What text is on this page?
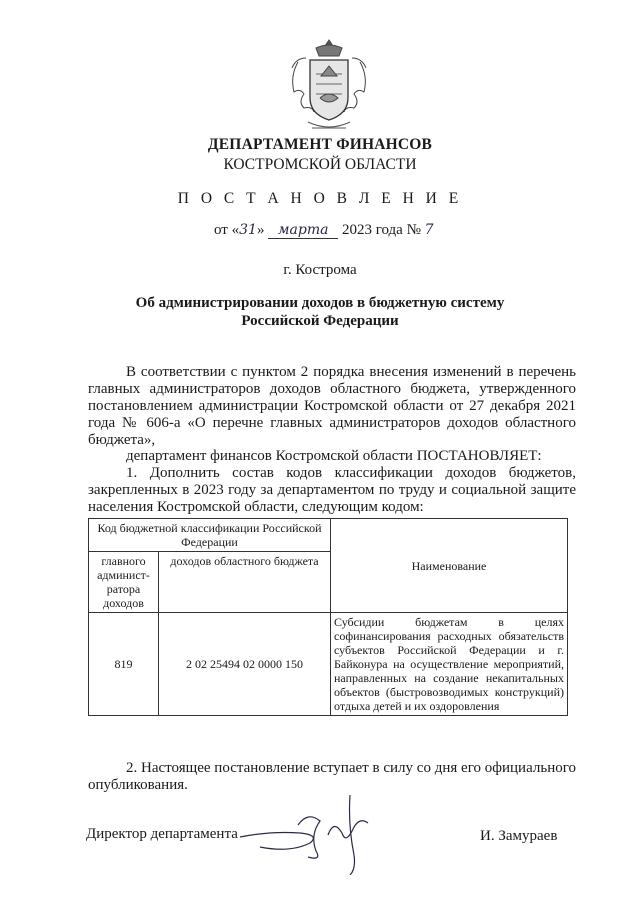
ДЕПАРТАМЕНТ ФИНАНСОВ
КОСТРОМСКОЙ ОБЛАСТИ
П О С Т А Н О В Л Е Н И Е
от «31» марта 2023 года № 7
г. Кострома
Об администрировании доходов в бюджетную систему
Российской Федерации
В соответствии с пунктом 2 порядка внесения изменений в перечень главных администраторов доходов областного бюджета, утвержденного постановлением администрации Костромской области от 27 декабря 2021 года № 606-а «О перечне главных администраторов доходов областного бюджета»,
департамент финансов Костромской области ПОСТАНОВЛЯЕТ:
1. Дополнить состав кодов классификации доходов бюджетов, закрепленных в 2023 году за департаментом по труду и социальной защите населения Костромской области, следующим кодом:
Код бюджетной классификации Российской Федерации		Наименование
главного админист-ратора доходов	доходов областного бюджета	
819	2 02 25494 02 0000 150	Субсидии бюджетам в целях софинансирования расходных обязательств субъектов Российской Федерации и г. Байконура на осуществление мероприятий, направленных на создание некапитальных объектов (быстровозводимых конструкций) отдыха детей и их оздоровления
2. Настоящее постановление вступает в силу со дня его официального опубликования.
Директор департамента	И. Замураев
